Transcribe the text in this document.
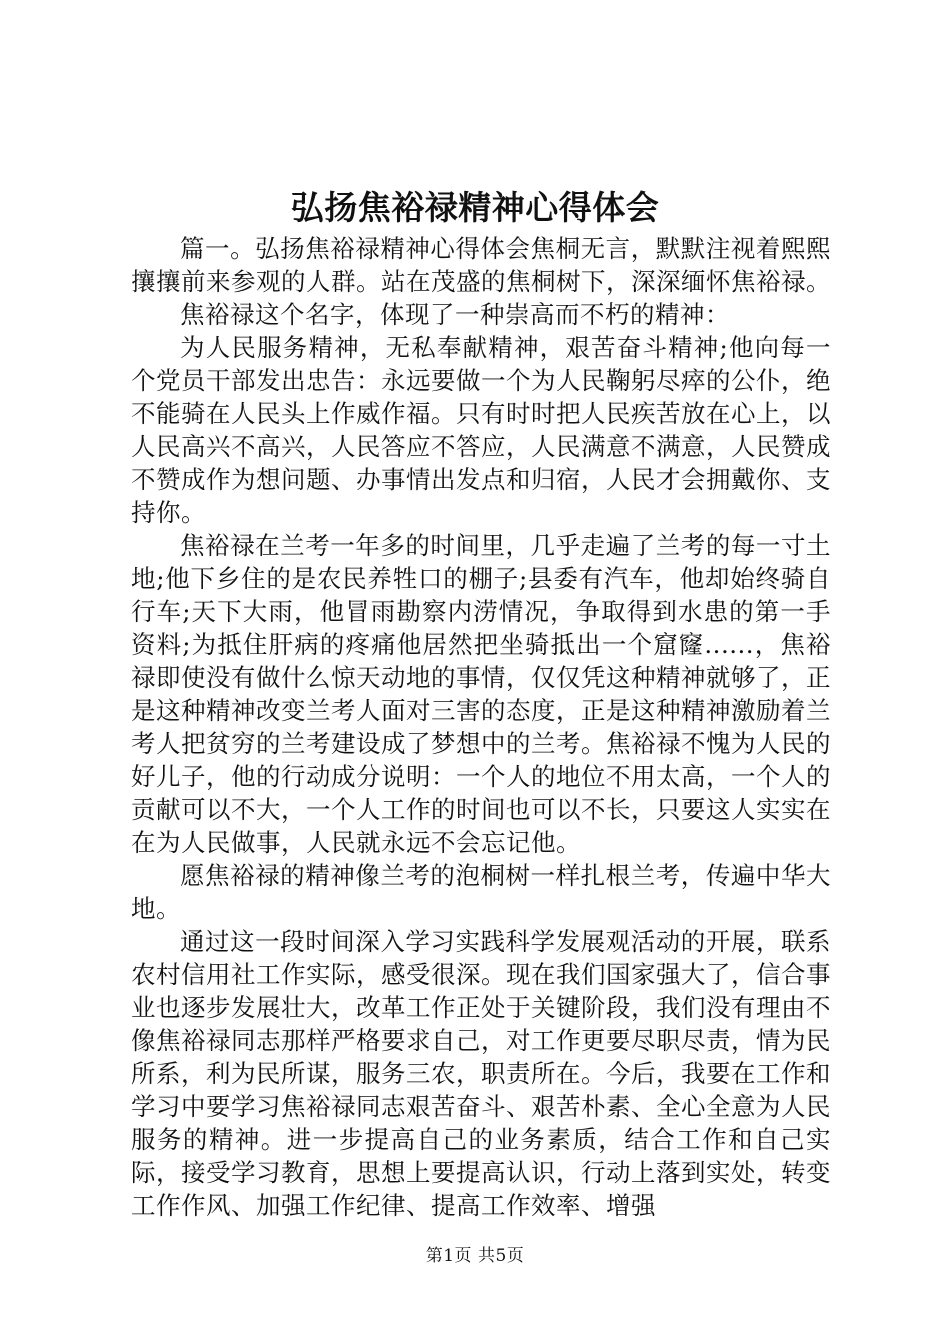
弘扬焦裕禄精神心得体会

篇一。弘扬焦裕禄精神心得体会焦桐无言，默默注视着熙熙攘攘前来参观的人群。站在茂盛的焦桐树下，深深缅怀焦裕禄。

焦裕禄这个名字，体现了一种崇高而不朽的精神：

为人民服务精神，无私奉献精神，艰苦奋斗精神;他向每一个党员干部发出忠告：永远要做一个为人民鞠躬尽瘁的公仆，绝不能骑在人民头上作威作福。只有时时把人民疾苦放在心上，以人民高兴不高兴，人民答应不答应，人民满意不满意，人民赞成不赞成作为想问题、办事情出发点和归宿，人民才会拥戴你、支持你。

焦裕禄在兰考一年多的时间里，几乎走遍了兰考的每一寸土地;他下乡住的是农民养牲口的棚子;县委有汽车，他却始终骑自行车;天下大雨，他冒雨勘察内涝情况，争取得到水患的第一手资料;为抵住肝病的疼痛他居然把坐骑抵出一个窟窿......，焦裕禄即使没有做什么惊天动地的事情，仅仅凭这种精神就够了，正是这种精神改变兰考人面对三害的态度，正是这种精神激励着兰考人把贫穷的兰考建设成了梦想中的兰考。焦裕禄不愧为人民的好儿子，他的行动成分说明：一个人的地位不用太高，一个人的贡献可以不大，一个人工作的时间也可以不长，只要这人实实在在为人民做事，人民就永远不会忘记他。

愿焦裕禄的精神像兰考的泡桐树一样扎根兰考，传遍中华大地。

通过这一段时间深入学习实践科学发展观活动的开展，联系农村信用社工作实际，感受很深。现在我们国家强大了，信合事业也逐步发展壮大，改革工作正处于关键阶段，我们没有理由不像焦裕禄同志那样严格要求自己，对工作更要尽职尽责，情为民所系，利为民所谋，服务三农，职责所在。今后，我要在工作和学习中要学习焦裕禄同志艰苦奋斗、艰苦朴素、全心全意为人民服务的精神。进一步提高自己的业务素质，结合工作和自己实际，接受学习教育，思想上要提高认识，行动上落到实处，转变工作作风、加强工作纪律、提高工作效率、增强

第1页 共5页
